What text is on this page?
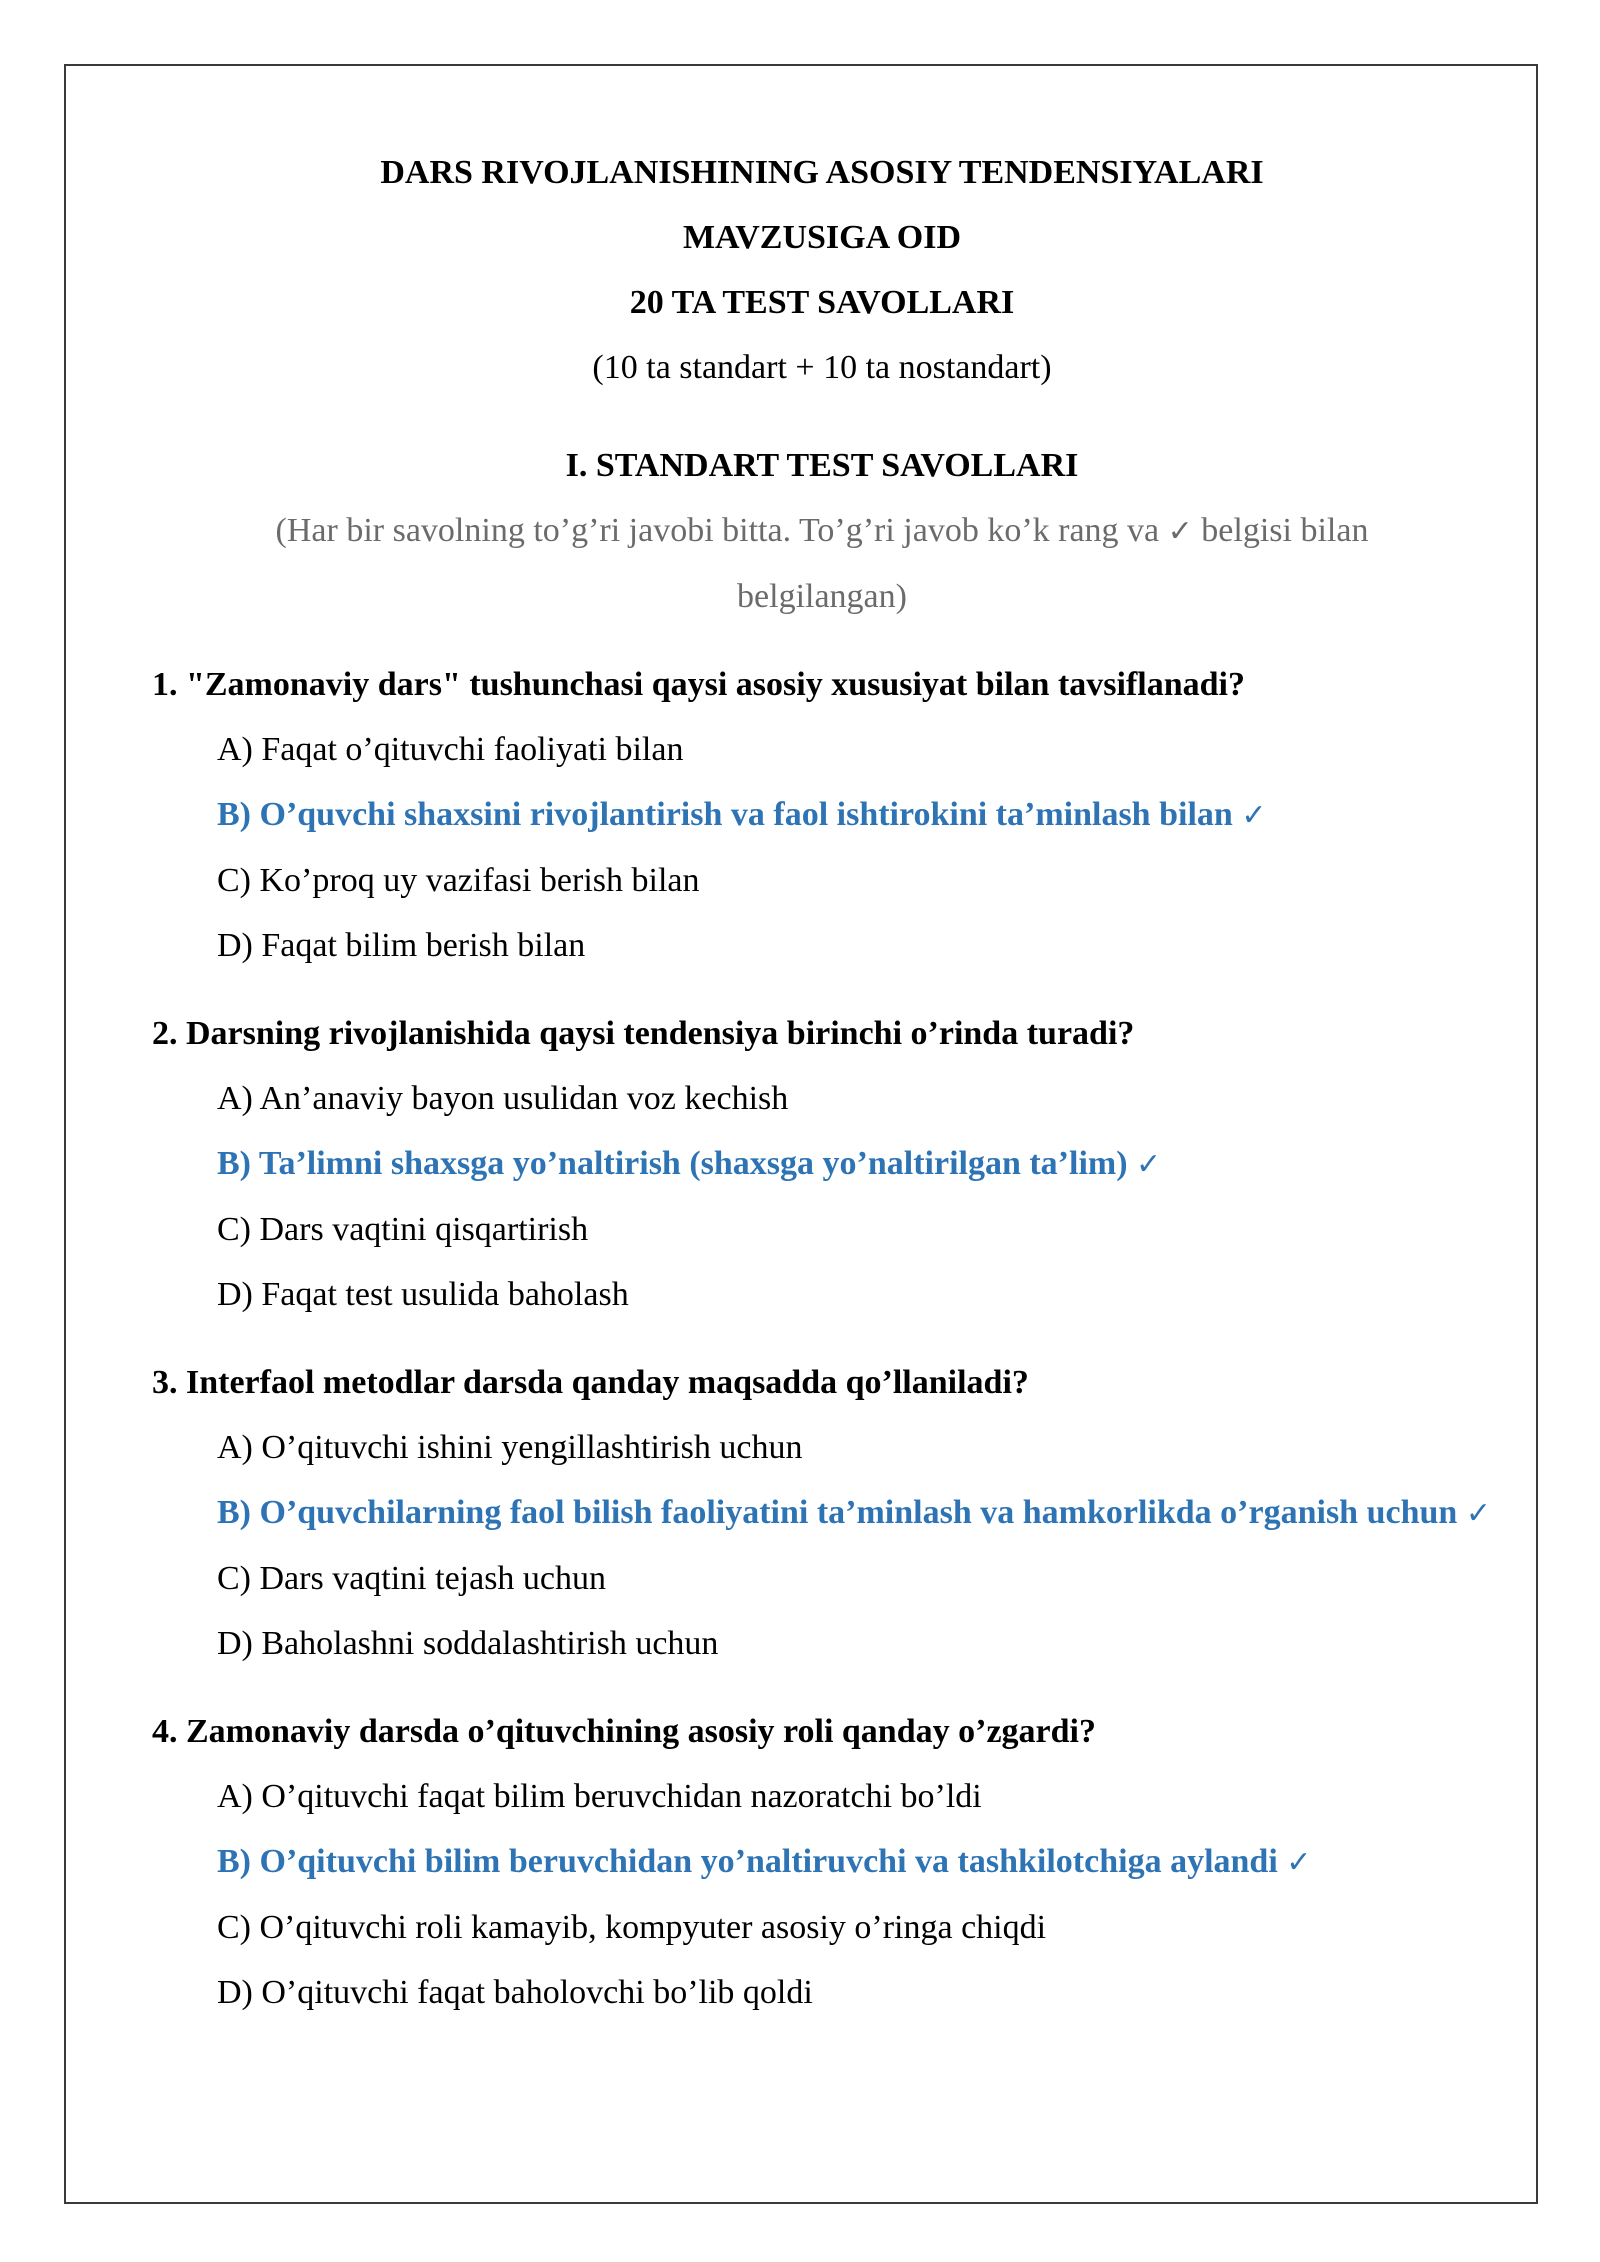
DARS RIVOJLANISHINING ASOSIY TENDENSIYALARI

MAVZUSIGA OID

20 TA TEST SAVOLLARI

(10 ta standart + 10 ta nostandart)

I. STANDART TEST SAVOLLARI

(Har bir savolning to’g’ri javobi bitta. To’g’ri javob ko’k rang va ✓ belgisi bilan belgilangan)

1. "Zamonaviy dars" tushunchasi qaysi asosiy xususiyat bilan tavsiflanadi?

A) Faqat o’qituvchi faoliyati bilan

B) O’quvchi shaxsini rivojlantirish va faol ishtirokini ta’minlash bilan ✓

C) Ko’proq uy vazifasi berish bilan

D) Faqat bilim berish bilan

2. Darsning rivojlanishida qaysi tendensiya birinchi o’rinda turadi?

A) An’anaviy bayon usulidan voz kechish

B) Ta’limni shaxsga yo’naltirish (shaxsga yo’naltirilgan ta’lim) ✓

C) Dars vaqtini qisqartirish

D) Faqat test usulida baholash

3. Interfaol metodlar darsda qanday maqsadda qo’llaniladi?

A) O’qituvchi ishini yengillashtirish uchun

B) O’quvchilarning faol bilish faoliyatini ta’minlash va hamkorlikda o’rganish uchun ✓

C) Dars vaqtini tejash uchun

D) Baholashni soddalashtirish uchun

4. Zamonaviy darsda o’qituvchining asosiy roli qanday o’zgardi?

A) O’qituvchi faqat bilim beruvchidan nazoratchi bo’ldi

B) O’qituvchi bilim beruvchidan yo’naltiruvchi va tashkilotchiga aylandi ✓

C) O’qituvchi roli kamayib, kompyuter asosiy o’ringa chiqdi

D) O’qituvchi faqat baholovchi bo’lib qoldi
